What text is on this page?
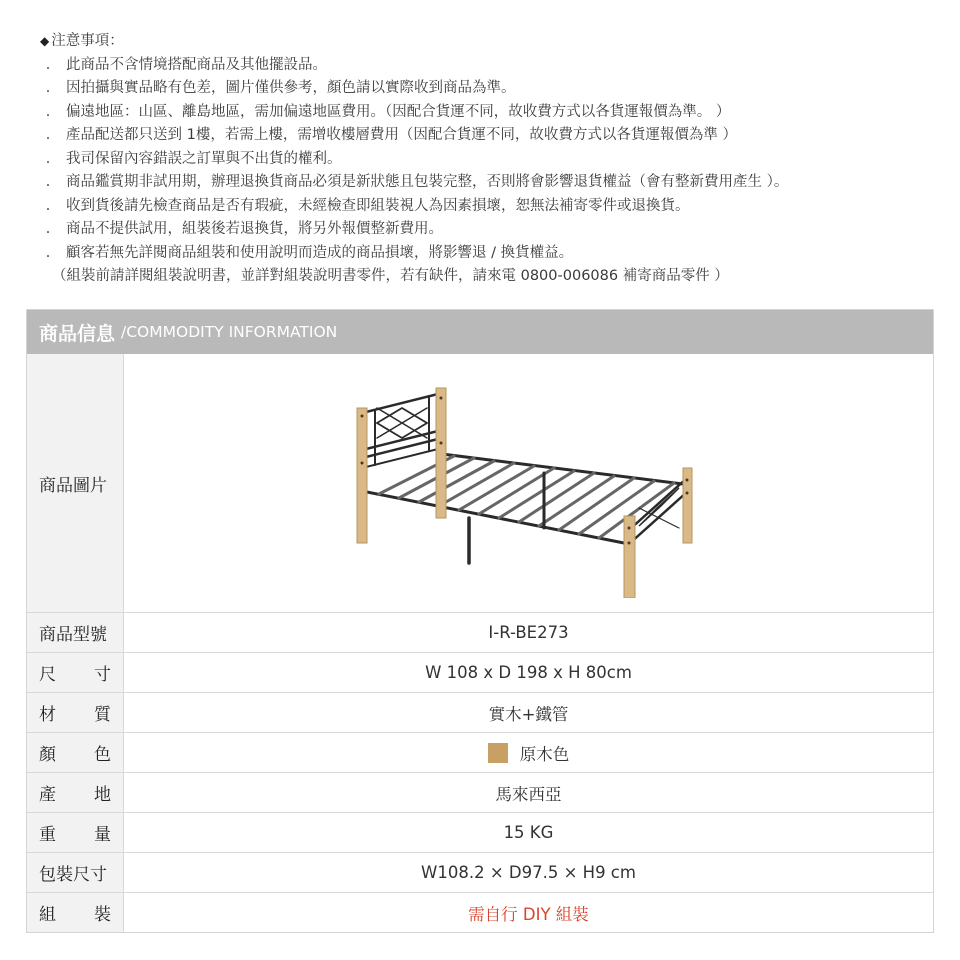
◆ 注意事項：
． 此商品不含情境搭配商品及其他擺設品。
． 因拍攝與實品略有色差，圖片僅供參考，顏色請以實際收到商品為準。
． 偏遠地區：山區、離島地區，需加偏遠地區費用。（因配合貨運不同，故收費方式以各貨運報價為準。 ）
． 產品配送都只送到 1樓，若需上樓，需增收樓層費用（因配合貨運不同，故收費方式以各貨運報價為準 ）
． 我司保留內容錯誤之訂單與不出貨的權利。
． 商品鑑賞期非試用期，辦理退換貨商品必須是新狀態且包裝完整，否則將會影響退貨權益（會有整新費用產生 ）。
． 收到貨後請先檢查商品是否有瑕疵，未經檢查即組裝視人為因素損壞，恕無法補寄零件或退換貨。
． 商品不提供試用，組裝後若退換貨，將另外報價整新費用。
． 顧客若無先詳閱商品組裝和使用說明而造成的商品損壞，將影響退 / 換貨權益。
（組裝前請詳閱組裝說明書，並詳對組裝說明書零件，若有缺件，請來電 0800-006086 補寄商品零件 ）
商品信息 /COMMODITY INFORMATION
商品圖片
商品型號	I-R-BE273
尺 寸	W 108 x D 198 x H 80cm
材 質	實木+鐵管
顏 色	原木色
產 地	馬來西亞
重 量	15 KG
包裝尺寸	W108.2 × D97.5 × H9 cm
組 裝	需自行 DIY 組裝
